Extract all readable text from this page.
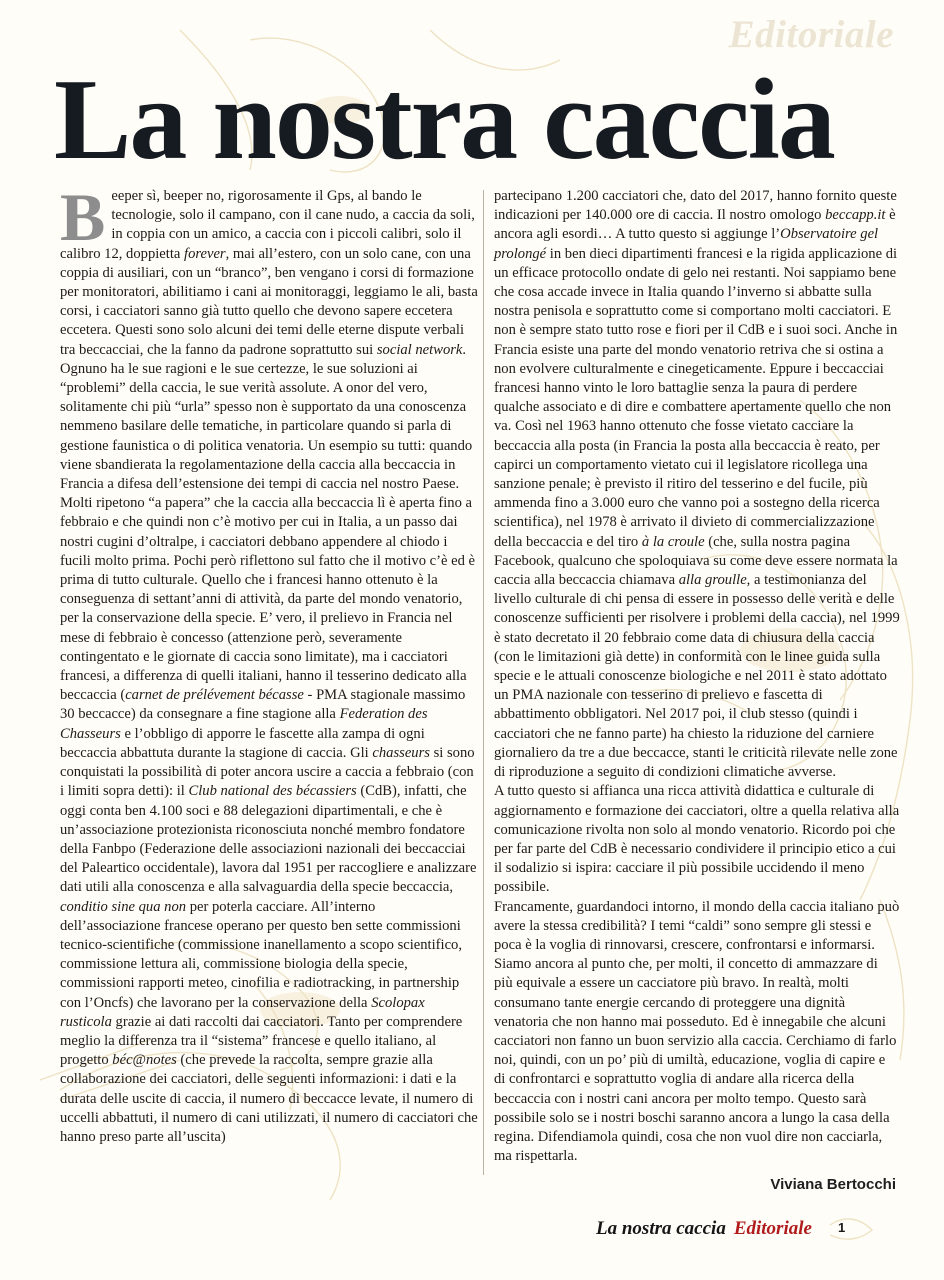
Editoriale
La nostra caccia

Beeper sì, beeper no, rigorosamente il Gps, al bando le tecnologie, solo il campano, con il cane nudo, a caccia da soli, in coppia con un amico, a caccia con i piccoli calibri, solo il calibro 12, doppietta forever, mai all’estero, con un solo cane, con una coppia di ausiliari, con un “branco”, ben vengano i corsi di formazione per monitoratori, abilitiamo i cani ai monitoraggi, leggiamo le ali, basta corsi, i cacciatori sanno già tutto quello che devono sapere eccetera eccetera. Questi sono solo alcuni dei temi delle eterne dispute verbali tra beccacciai, che la fanno da padrone soprattutto sui social network. Ognuno ha le sue ragioni e le sue certezze, le sue soluzioni ai “problemi” della caccia, le sue verità assolute. A onor del vero, solitamente chi più “urla” spesso non è supportato da una conoscenza nemmeno basilare delle tematiche, in particolare quando si parla di gestione faunistica o di politica venatoria. Un esempio su tutti: quando viene sbandierata la regolamentazione della caccia alla beccaccia in Francia a difesa dell’estensione dei tempi di caccia nel nostro Paese. Molti ripetono “a papera” che la caccia alla beccaccia lì è aperta fino a febbraio e che quindi non c’è motivo per cui in Italia, a un passo dai nostri cugini d’oltralpe, i cacciatori debbano appendere al chiodo i fucili molto prima. Pochi però riflettono sul fatto che il motivo c’è ed è prima di tutto culturale. Quello che i francesi hanno ottenuto è la conseguenza di settant’anni di attività, da parte del mondo venatorio, per la conservazione della specie. E’ vero, il prelievo in Francia nel mese di febbraio è concesso (attenzione però, severamente contingentato e le giornate di caccia sono limitate), ma i cacciatori francesi, a differenza di quelli italiani, hanno il tesserino dedicato alla beccaccia (carnet de prélévement bécasse - PMA stagionale massimo 30 beccacce) da consegnare a fine stagione alla Federation des Chasseurs e l’obbligo di apporre le fascette alla zampa di ogni beccaccia abbattuta durante la stagione di caccia. Gli chasseurs si sono conquistati la possibilità di poter ancora uscire a caccia a febbraio (con i limiti sopra detti): il Club national des bécassiers (CdB), infatti, che oggi conta ben 4.100 soci e 88 delegazioni dipartimentali, e che è un’associazione protezionista riconosciuta nonché membro fondatore della Fanbpo (Federazione delle associazioni nazionali dei beccacciai del Paleartico occidentale), lavora dal 1951 per raccogliere e analizzare dati utili alla conoscenza e alla salvaguardia della specie beccaccia, conditio sine qua non per poterla cacciare. All’interno dell’associazione francese operano per questo ben sette commissioni tecnico-scientifiche (commissione inanellamento a scopo scientifico, commissione lettura ali, commissione biologia della specie, commissioni rapporti meteo, cinofilia e radiotracking, in partnership con l’Oncfs) che lavorano per la conservazione della Scolopax rusticola grazie ai dati raccolti dai cacciatori. Tanto per comprendere meglio la differenza tra il “sistema” francese e quello italiano, al progetto béc@notes (che prevede la raccolta, sempre grazie alla collaborazione dei cacciatori, delle seguenti informazioni: i dati e la durata delle uscite di caccia, il numero di beccacce levate, il numero di uccelli abbattuti, il numero di cani utilizzati, il numero di cacciatori che hanno preso parte all’uscita)

partecipano 1.200 cacciatori che, dato del 2017, hanno fornito queste indicazioni per 140.000 ore di caccia. Il nostro omologo beccapp.it è ancora agli esordi… A tutto questo si aggiunge l’Observatoire gel prolongé in ben dieci dipartimenti francesi e la rigida applicazione di un efficace protocollo ondate di gelo nei restanti. Noi sappiamo bene che cosa accade invece in Italia quando l’inverno si abbatte sulla nostra penisola e soprattutto come si comportano molti cacciatori. E non è sempre stato tutto rose e fiori per il CdB e i suoi soci. Anche in Francia esiste una parte del mondo venatorio retriva che si ostina a non evolvere culturalmente e cinegeticamente. Eppure i beccacciai francesi hanno vinto le loro battaglie senza la paura di perdere qualche associato e di dire e combattere apertamente quello che non va. Così nel 1963 hanno ottenuto che fosse vietato cacciare la beccaccia alla posta (in Francia la posta alla beccaccia è reato, per capirci un comportamento vietato cui il legislatore ricollega una sanzione penale; è previsto il ritiro del tesserino e del fucile, più ammenda fino a 3.000 euro che vanno poi a sostegno della ricerca scientifica), nel 1978 è arrivato il divieto di commercializzazione della beccaccia e del tiro à la croule (che, sulla nostra pagina Facebook, qualcuno che spoloquiava su come deve essere normata la caccia alla beccaccia chiamava alla groulle, a testimonianza del livello culturale di chi pensa di essere in possesso delle verità e delle conoscenze sufficienti per risolvere i problemi della caccia), nel 1999 è stato decretato il 20 febbraio come data di chiusura della caccia (con le limitazioni già dette) in conformità con le linee guida sulla specie e le attuali conoscenze biologiche e nel 2011 è stato adottato un PMA nazionale con tesserino di prelievo e fascetta di abbattimento obbligatori. Nel 2017 poi, il club stesso (quindi i cacciatori che ne fanno parte) ha chiesto la riduzione del carniere giornaliero da tre a due beccacce, stanti le criticità rilevate nelle zone di riproduzione a seguito di condizioni climatiche avverse.
A tutto questo si affianca una ricca attività didattica e culturale di aggiornamento e formazione dei cacciatori, oltre a quella relativa alla comunicazione rivolta non solo al mondo venatorio. Ricordo poi che per far parte del CdB è necessario condividere il principio etico a cui il sodalizio si ispira: cacciare il più possibile uccidendo il meno possibile.
Francamente, guardandoci intorno, il mondo della caccia italiano può avere la stessa credibilità? I temi “caldi” sono sempre gli stessi e poca è la voglia di rinnovarsi, crescere, confrontarsi e informarsi. Siamo ancora al punto che, per molti, il concetto di ammazzare di più equivale a essere un cacciatore più bravo. In realtà, molti consumano tante energie cercando di proteggere una dignità venatoria che non hanno mai posseduto. Ed è innegabile che alcuni cacciatori non fanno un buon servizio alla caccia. Cerchiamo di farlo noi, quindi, con un po’ più di umiltà, educazione, voglia di capire e di confrontarci e soprattutto voglia di andare alla ricerca della beccaccia con i nostri cani ancora per molto tempo. Questo sarà possibile solo se i nostri boschi saranno ancora a lungo la casa della regina. Difendiamola quindi, cosa che non vuol dire non cacciarla, ma rispettarla.

Viviana Bertocchi
La nostra caccia Editoriale 1
